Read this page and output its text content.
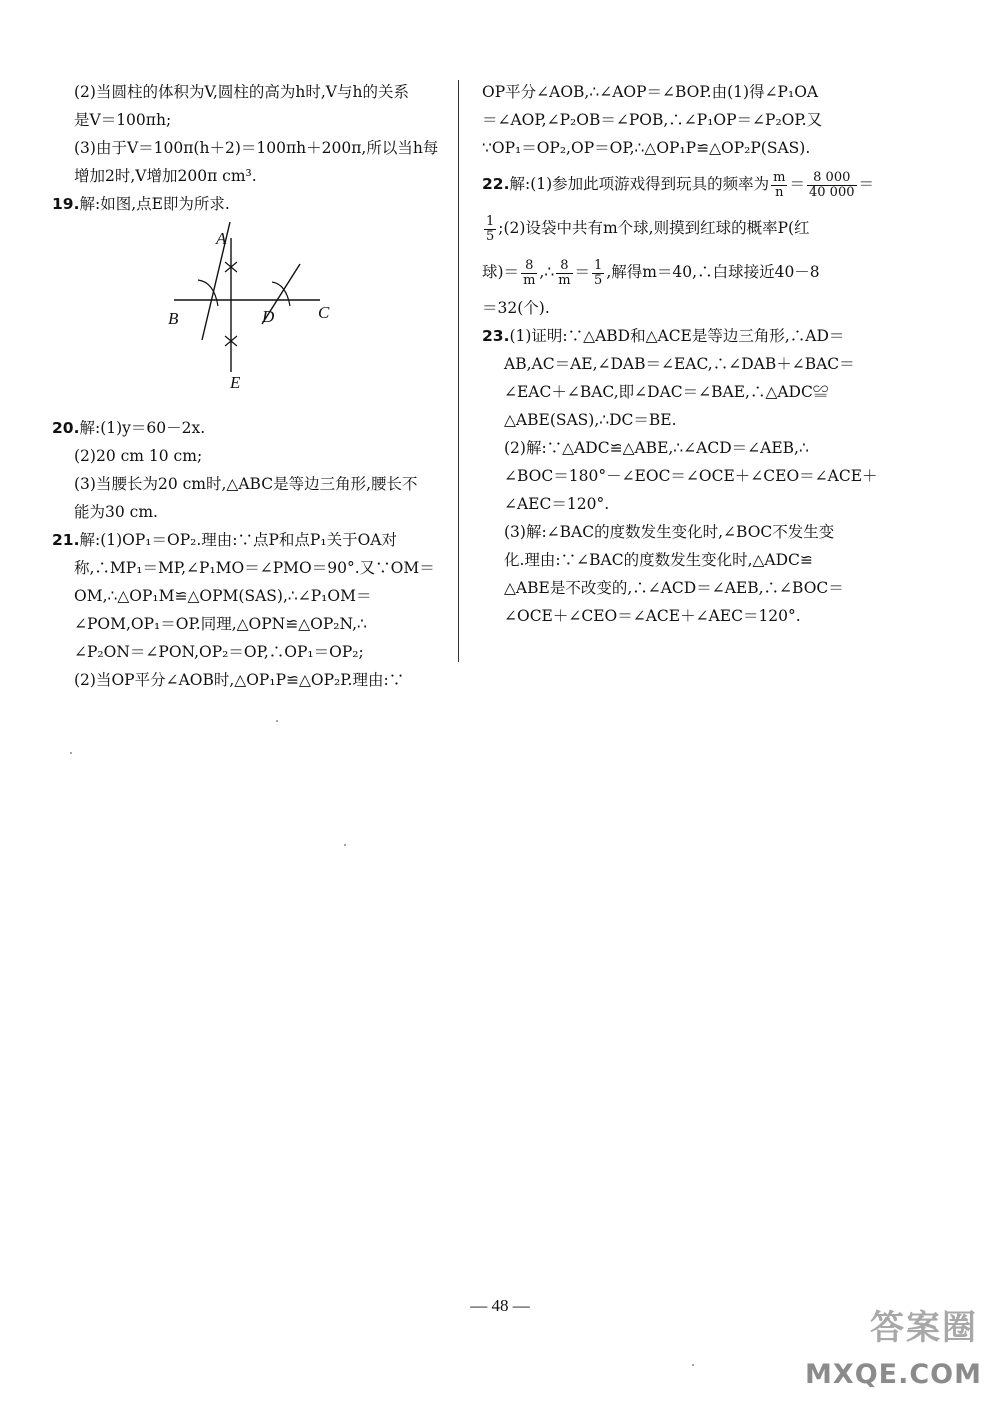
(2)当圆柱的体积为V,圆柱的高为h时,V与h的关系
是V＝100πh;
(3)由于V＝100π(h＋2)＝100πh＋200π,所以当h每
增加2时,V增加200π cm³.
19.解:如图,点E即为所求.
20.解:(1)y＝60－2x.
(2)20 cm 10 cm;
(3)当腰长为20 cm时,△ABC是等边三角形,腰长不
能为30 cm.
21.解:(1)OP₁＝OP₂.理由:∵点P和点P₁关于OA对
称,∴MP₁＝MP,∠P₁MO＝∠PMO＝90°.又∵OM＝
OM,∴△OP₁M≌△OPM(SAS),∴∠P₁OM＝
∠POM,OP₁＝OP.同理,△OPN≌△OP₂N,∴
∠P₂ON＝∠PON,OP₂＝OP,∴OP₁＝OP₂;
(2)当OP平分∠AOB时,△OP₁P≌△OP₂P.理由:∵
A
B	C
D
E
OP平分∠AOB,∴∠AOP＝∠BOP.由(1)得∠P₁OA
＝∠AOP,∠P₂OB＝∠POB,∴∠P₁OP＝∠P₂OP.又
∵OP₁＝OP₂,OP＝OP,∴△OP₁P≌△OP₂P(SAS).
22.解:(1)参加此项游戏得到玩具的频率为 $\frac{m}{n} = \frac{8 000}{40 000}$ ＝
$\frac{1}{5}$ ;(2)设袋中共有m个球,则摸到红球的概率P(红
球)＝ $\frac{8}{m}$ ,∴ $\frac{8}{m} = \frac{1}{5}$ ,解得m＝40,∴白球接近40－8
＝32(个).
23.(1)证明:∵△ABD和△ACE是等边三角形,∴AD＝
AB,AC＝AE,∠DAB＝∠EAC,∴∠DAB＋∠BAC＝
∠EAC＋∠BAC,即∠DAC＝∠BAE,∴△ADC≌
△ABE(SAS),∴DC＝BE.
(2)解:∵△ADC≌△ABE,∴∠ACD＝∠AEB,∴
∠BOC＝180°－∠EOC＝∠OCE＋∠CEO＝∠ACE＋
∠AEC＝120°.
(3)解:∠BAC的度数发生变化时,∠BOC不发生变
化.理由:∵∠BAC的度数发生变化时,△ADC≌
△ABE是不改变的,∴∠ACD＝∠AEB,∴∠BOC＝
∠OCE＋∠CEO＝∠ACE＋∠AEC＝120°.
— 48 —
答案圈
MXQE.COM
